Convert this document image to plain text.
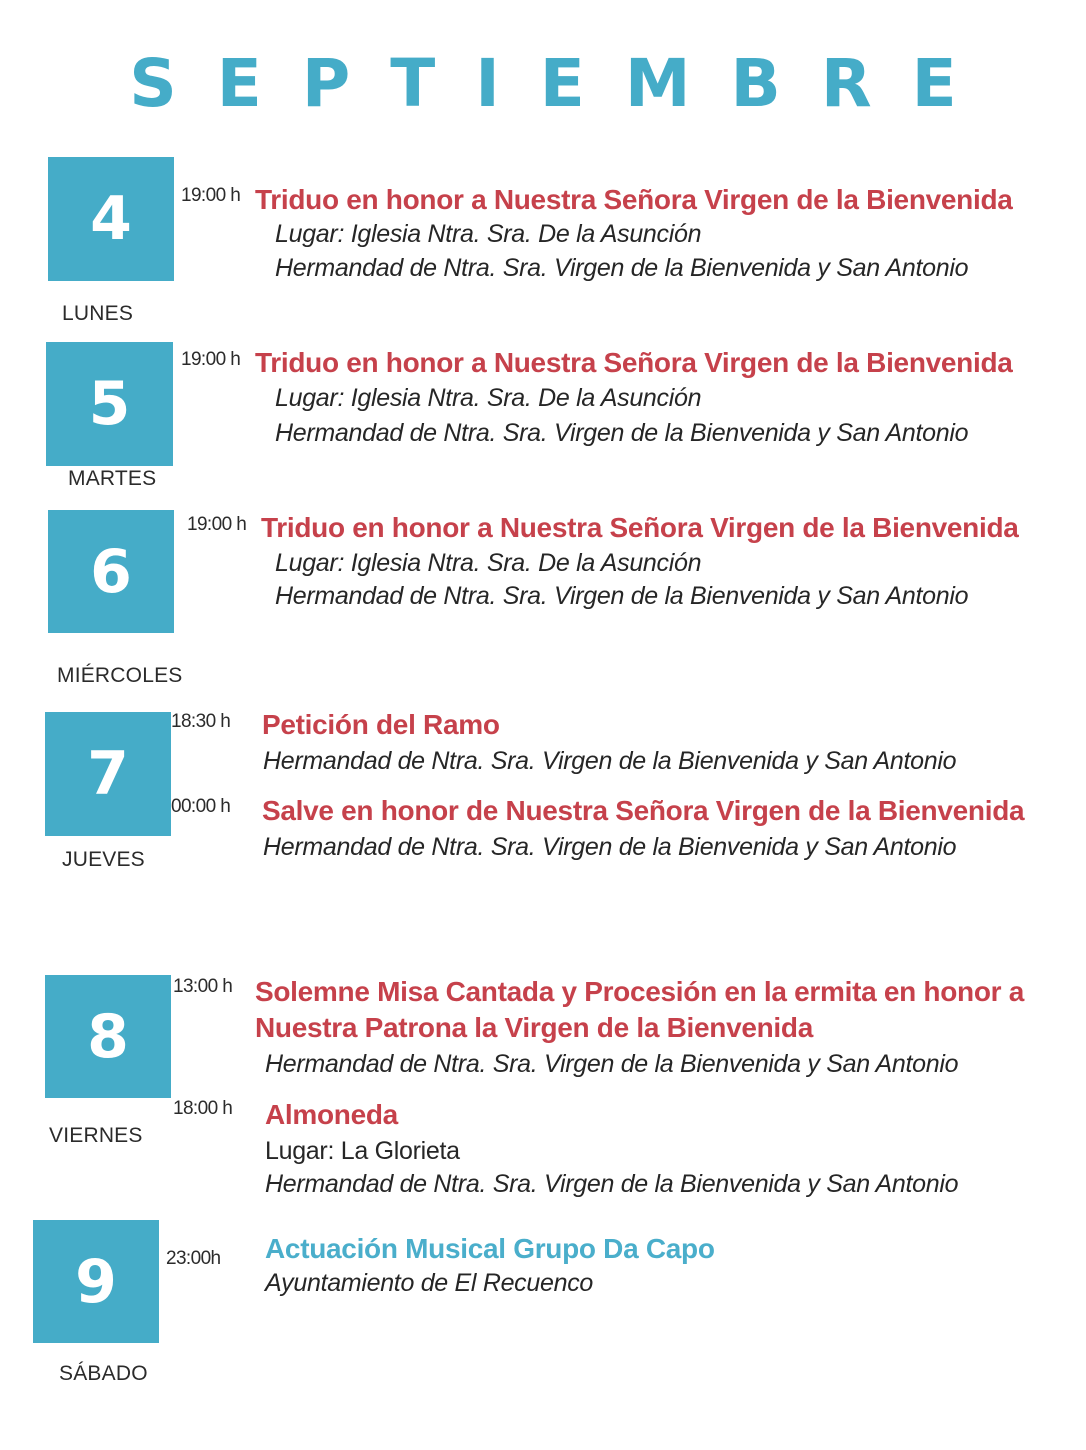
SEPTIEMBRE
4
LUNES
19:00 h Triduo en honor a Nuestra Señora Virgen de la Bienvenida
Lugar: Iglesia Ntra. Sra. De la Asunción
Hermandad de Ntra. Sra. Virgen de la Bienvenida y San Antonio
5
MARTES
19:00 h Triduo en honor a Nuestra Señora Virgen de la Bienvenida
Lugar: Iglesia Ntra. Sra. De la Asunción
Hermandad de Ntra. Sra. Virgen de la Bienvenida y San Antonio
6
MIÉRCOLES
19:00 h Triduo en honor a Nuestra Señora Virgen de la Bienvenida
Lugar: Iglesia Ntra. Sra. De la Asunción
Hermandad de Ntra. Sra. Virgen de la Bienvenida y San Antonio
7
JUEVES
18:30 h Petición del Ramo
Hermandad de Ntra. Sra. Virgen de la Bienvenida y San Antonio
00:00 h Salve en honor de Nuestra Señora Virgen de la Bienvenida
Hermandad de Ntra. Sra. Virgen de la Bienvenida y San Antonio
8
VIERNES
13:00 h Solemne Misa Cantada y Procesión en la ermita en honor a Nuestra Patrona la Virgen de la Bienvenida
Hermandad de Ntra. Sra. Virgen de la Bienvenida y San Antonio
18:00 h Almoneda
Lugar: La Glorieta
Hermandad de Ntra. Sra. Virgen de la Bienvenida y San Antonio
9
SÁBADO
23:00h Actuación Musical Grupo Da Capo
Ayuntamiento de El Recuenco
